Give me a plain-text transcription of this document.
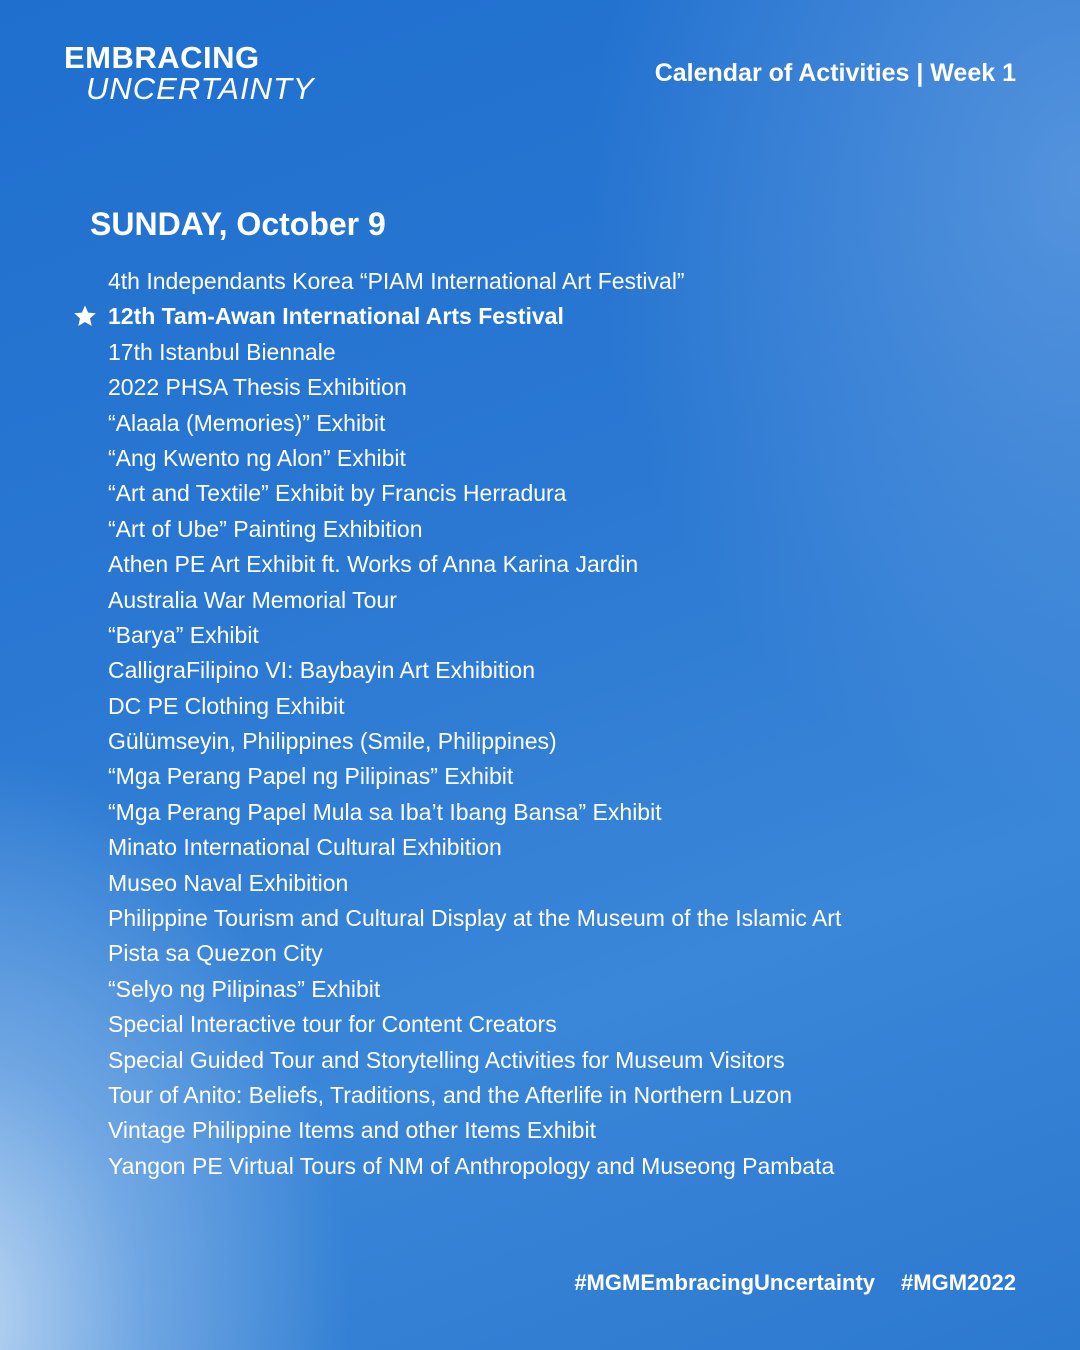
EMBRACING
UNCERTAINTY	Calendar of Activities | Week 1
SUNDAY, October 9
4th Independants Korea “PIAM International Art Festival”
12th Tam-Awan International Arts Festival
17th Istanbul Biennale
2022 PHSA Thesis Exhibition
“Alaala (Memories)” Exhibit
“Ang Kwento ng Alon” Exhibit
“Art and Textile” Exhibit by Francis Herradura
“Art of Ube” Painting Exhibition
Athen PE Art Exhibit ft. Works of Anna Karina Jardin
Australia War Memorial Tour
“Barya” Exhibit
CalligraFilipino VI: Baybayin Art Exhibition
DC PE Clothing Exhibit
Gülümseyin, Philippines (Smile, Philippines)
“Mga Perang Papel ng Pilipinas” Exhibit
“Mga Perang Papel Mula sa Iba’t Ibang Bansa” Exhibit
Minato International Cultural Exhibition
Museo Naval Exhibition
Philippine Tourism and Cultural Display at the Museum of the Islamic Art
Pista sa Quezon City
“Selyo ng Pilipinas” Exhibit
Special Interactive tour for Content Creators
Special Guided Tour and Storytelling Activities for Museum Visitors
Tour of Anito: Beliefs, Traditions, and the Afterlife in Northern Luzon
Vintage Philippine Items and other Items Exhibit
Yangon PE Virtual Tours of NM of Anthropology and Museong Pambata
#MGMEmbracingUncertainty #MGM2022
